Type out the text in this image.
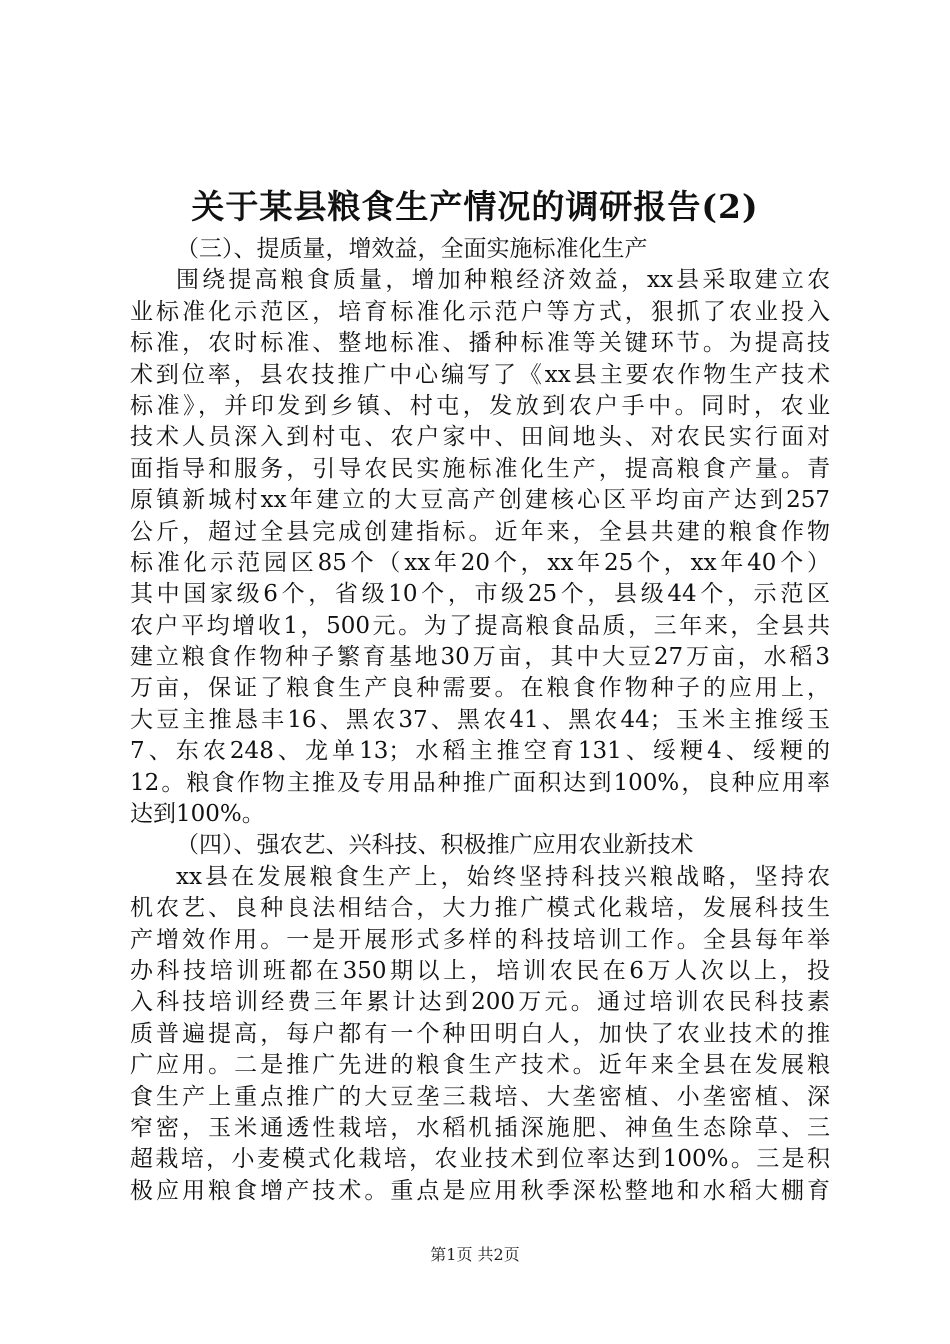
关于某县粮食生产情况的调研报告(2)
（三）、提质量，增效益，全面实施标准化生产
围绕提高粮食质量，增加种粮经济效益，xx县采取建立农
业标准化示范区，培育标准化示范户等方式，狠抓了农业投入
标准，农时标准、整地标准、播种标准等关键环节。为提高技
术到位率，县农技推广中心编写了《xx县主要农作物生产技术
标准》，并印发到乡镇、村屯，发放到农户手中。同时，农业
技术人员深入到村屯、农户家中、田间地头、对农民实行面对
面指导和服务，引导农民实施标准化生产，提高粮食产量。青
原镇新城村xx年建立的大豆高产创建核心区平均亩产达到257
公斤，超过全县完成创建指标。近年来，全县共建的粮食作物
标准化示范园区85个（xx年20个，xx年25个，xx年40个）
其中国家级6个，省级10个，市级25个，县级44个，示范区
农户平均增收1，500元。为了提高粮食品质，三年来，全县共
建立粮食作物种子繁育基地30万亩，其中大豆27万亩，水稻3
万亩，保证了粮食生产良种需要。在粮食作物种子的应用上，
大豆主推恳丰16、黑农37、黑农41、黑农44；玉米主推绥玉
7、东农248、龙单13；水稻主推空育131、绥粳4、绥粳的
12。粮食作物主推及专用品种推广面积达到100%，良种应用率
达到100%。
（四）、强农艺、兴科技、积极推广应用农业新技术
xx县在发展粮食生产上，始终坚持科技兴粮战略，坚持农
机农艺、良种良法相结合，大力推广模式化栽培，发展科技生
产增效作用。一是开展形式多样的科技培训工作。全县每年举
办科技培训班都在350期以上，培训农民在6万人次以上，投
入科技培训经费三年累计达到200万元。通过培训农民科技素
质普遍提高，每户都有一个种田明白人，加快了农业技术的推
广应用。二是推广先进的粮食生产技术。近年来全县在发展粮
食生产上重点推广的大豆垄三栽培、大垄密植、小垄密植、深
窄密，玉米通透性栽培，水稻机插深施肥、神鱼生态除草、三
超栽培，小麦模式化栽培，农业技术到位率达到100%。三是积
极应用粮食增产技术。重点是应用秋季深松整地和水稻大棚育
第1页 共2页
